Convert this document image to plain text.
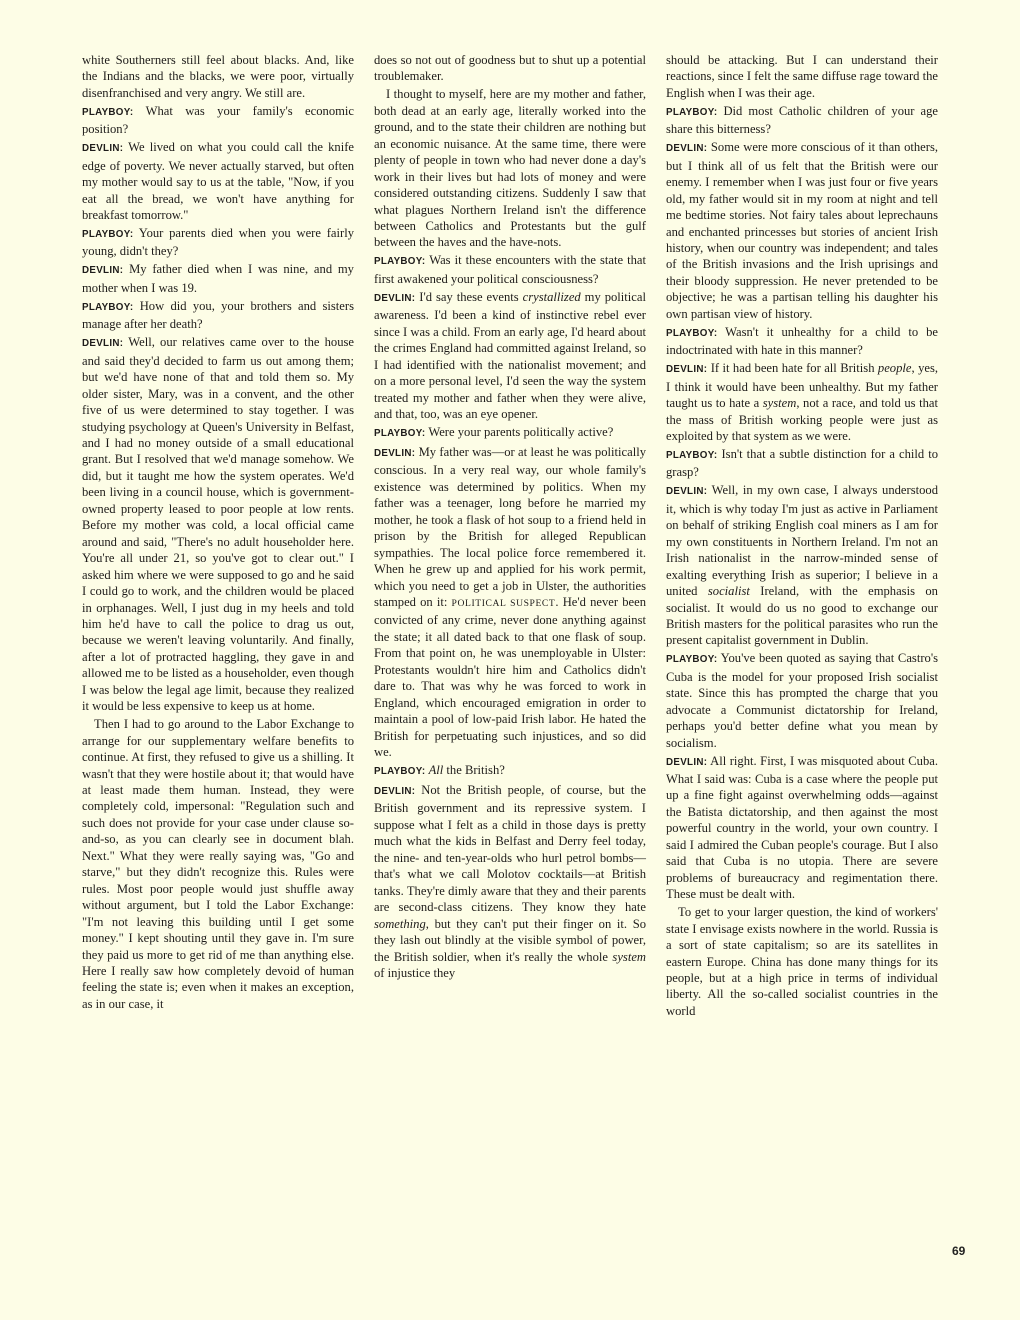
white Southerners still feel about blacks. And, like the Indians and the blacks, we were poor, virtually disenfranchised and very angry. We still are.

PLAYBOY: What was your family's economic position?

DEVLIN: We lived on what you could call the knife edge of poverty. We never actually starved, but often my mother would say to us at the table, "Now, if you eat all the bread, we won't have anything for breakfast tomorrow."

PLAYBOY: Your parents died when you were fairly young, didn't they?

DEVLIN: My father died when I was nine, and my mother when I was 19.

PLAYBOY: How did you, your brothers and sisters manage after her death?

DEVLIN: Well, our relatives came over to the house and said they'd decided to farm us out among them; but we'd have none of that and told them so. My older sister, Mary, was in a convent, and the other five of us were determined to stay together. I was studying psychology at Queen's University in Belfast, and I had no money outside of a small educational grant. But I resolved that we'd manage somehow. We did, but it taught me how the system operates. We'd been living in a council house, which is government-owned property leased to poor people at low rents. Before my mother was cold, a local official came around and said, "There's no adult householder here. You're all under 21, so you've got to clear out." I asked him where we were supposed to go and he said I could go to work, and the children would be placed in orphanages. Well, I just dug in my heels and told him he'd have to call the police to drag us out, because we weren't leaving voluntarily. And finally, after a lot of protracted haggling, they gave in and allowed me to be listed as a householder, even though I was below the legal age limit, because they realized it would be less expensive to keep us at home.

Then I had to go around to the Labor Exchange to arrange for our supplementary welfare benefits to continue. At first, they refused to give us a shilling. It wasn't that they were hostile about it; that would have at least made them human. Instead, they were completely cold, impersonal: "Regulation such and such does not provide for your case under clause so-and-so, as you can clearly see in document blah. Next." What they were really saying was, "Go and starve," but they didn't recognize this. Rules were rules. Most poor people would just shuffle away without argument, but I told the Labor Exchange: "I'm not leaving this building until I get some money." I kept shouting until they gave in. I'm sure they paid us more to get rid of me than anything else. Here I really saw how completely devoid of human feeling the state is; even when it makes an exception, as in our case, it

does so not out of goodness but to shut up a potential troublemaker.

I thought to myself, here are my mother and father, both dead at an early age, literally worked into the ground, and to the state their children are nothing but an economic nuisance. At the same time, there were plenty of people in town who had never done a day's work in their lives but had lots of money and were considered outstanding citizens. Suddenly I saw that what plagues Northern Ireland isn't the difference between Catholics and Protestants but the gulf between the haves and the have-nots.

PLAYBOY: Was it these encounters with the state that first awakened your political consciousness?

DEVLIN: I'd say these events crystallized my political awareness. I'd been a kind of instinctive rebel ever since I was a child. From an early age, I'd heard about the crimes England had committed against Ireland, so I had identified with the nationalist movement; and on a more personal level, I'd seen the way the system treated my mother and father when they were alive, and that, too, was an eye opener.

PLAYBOY: Were your parents politically active?

DEVLIN: My father was—or at least he was politically conscious. In a very real way, our whole family's existence was determined by politics. When my father was a teenager, long before he married my mother, he took a flask of hot soup to a friend held in prison by the British for alleged Republican sympathies. The local police force remembered it. When he grew up and applied for his work permit, which you need to get a job in Ulster, the authorities stamped on it: POLITICAL SUSPECT. He'd never been convicted of any crime, never done anything against the state; it all dated back to that one flask of soup. From that point on, he was unemployable in Ulster: Protestants wouldn't hire him and Catholics didn't dare to. That was why he was forced to work in England, which encouraged emigration in order to maintain a pool of low-paid Irish labor. He hated the British for perpetuating such injustices, and so did we.

PLAYBOY: All the British?

DEVLIN: Not the British people, of course, but the British government and its repressive system. I suppose what I felt as a child in those days is pretty much what the kids in Belfast and Derry feel today, the nine- and ten-year-olds who hurl petrol bombs—that's what we call Molotov cocktails—at British tanks. They're dimly aware that they and their parents are second-class citizens. They know they hate something, but they can't put their finger on it. So they lash out blindly at the visible symbol of power, the British soldier, when it's really the whole system of injustice they

should be attacking. But I can understand their reactions, since I felt the same diffuse rage toward the English when I was their age.

PLAYBOY: Did most Catholic children of your age share this bitterness?

DEVLIN: Some were more conscious of it than others, but I think all of us felt that the British were our enemy. I remember when I was just four or five years old, my father would sit in my room at night and tell me bedtime stories. Not fairy tales about leprechauns and enchanted princesses but stories of ancient Irish history, when our country was independent; and tales of the British invasions and the Irish uprisings and their bloody suppression. He never pretended to be objective; he was a partisan telling his daughter his own partisan view of history.

PLAYBOY: Wasn't it unhealthy for a child to be indoctrinated with hate in this manner?

DEVLIN: If it had been hate for all British people, yes, I think it would have been unhealthy. But my father taught us to hate a system, not a race, and told us that the mass of British working people were just as exploited by that system as we were.

PLAYBOY: Isn't that a subtle distinction for a child to grasp?

DEVLIN: Well, in my own case, I always understood it, which is why today I'm just as active in Parliament on behalf of striking English coal miners as I am for my own constituents in Northern Ireland. I'm not an Irish nationalist in the narrow-minded sense of exalting everything Irish as superior; I believe in a united socialist Ireland, with the emphasis on socialist. It would do us no good to exchange our British masters for the political parasites who run the present capitalist government in Dublin.

PLAYBOY: You've been quoted as saying that Castro's Cuba is the model for your proposed Irish socialist state. Since this has prompted the charge that you advocate a Communist dictatorship for Ireland, perhaps you'd better define what you mean by socialism.

DEVLIN: All right. First, I was misquoted about Cuba. What I said was: Cuba is a case where the people put up a fine fight against overwhelming odds—against the Batista dictatorship, and then against the most powerful country in the world, your own country. I said I admired the Cuban people's courage. But I also said that Cuba is no utopia. There are severe problems of bureaucracy and regimentation there. These must be dealt with.

To get to your larger question, the kind of workers' state I envisage exists nowhere in the world. Russia is a sort of state capitalism; so are its satellites in eastern Europe. China has done many things for its people, but at a high price in terms of individual liberty. All the so-called socialist countries in the world

69
